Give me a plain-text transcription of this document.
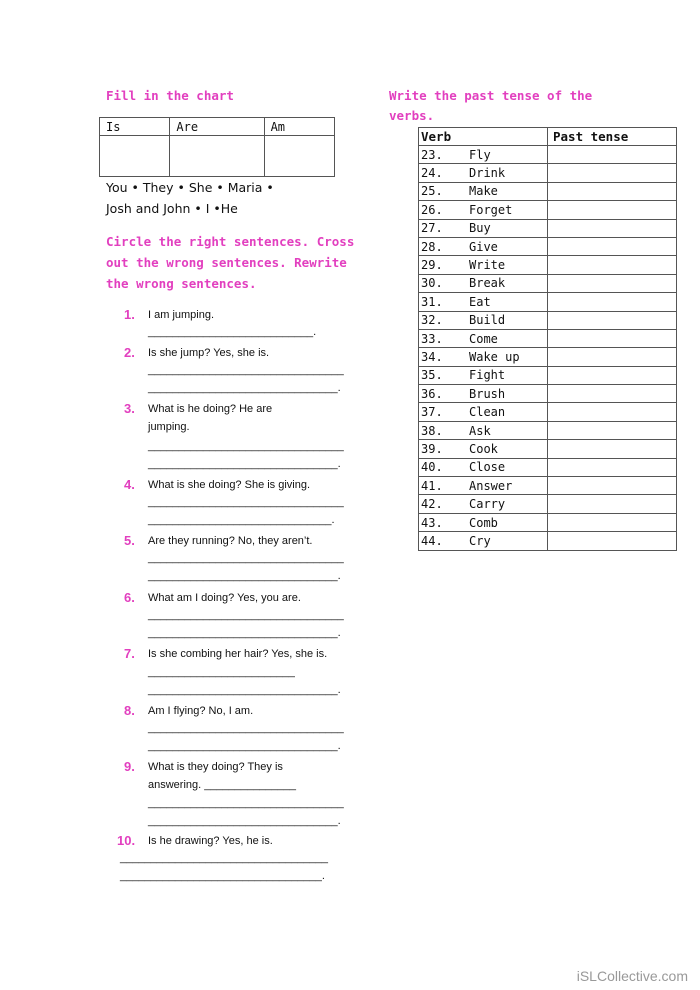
Fill in the chart
Is	Are	Am

You • They • She • Maria •
Josh and John • I •He
Circle the right sentences. Cross
out the wrong sentences. Rewrite
the wrong sentences.
1. I am jumping.
___________________________.
2. Is she jump? Yes, she is.
________________________________
_______________________________.
3. What is he doing? He are jumping.
________________________________
_______________________________.
4. What is she doing? She is giving.
________________________________
______________________________.
5. Are they running? No, they aren’t.
________________________________
_______________________________.
6. What am I doing? Yes, you are.
________________________________
_______________________________.
7. Is she combing her hair? Yes, she is. ________________________
_______________________________.
8. Am I flying? No, I am.
________________________________
_______________________________.
9. What is they doing? They is answering. _______________
________________________________
_______________________________.
10. Is he drawing? Yes, he is.
__________________________________
_________________________________.
Write the past tense of the
verbs.
Verb	Past tense
23. Fly	
24. Drink	
25. Make	
26. Forget	
27. Buy	
28. Give	
29. Write	
30. Break	
31. Eat	
32. Build	
33. Come	
34. Wake up	
35. Fight	
36. Brush	
37. Clean	
38. Ask	
39. Cook	
40. Close	
41. Answer	
42. Carry	
43. Comb	
44. Cry	
iSLCollective.com
